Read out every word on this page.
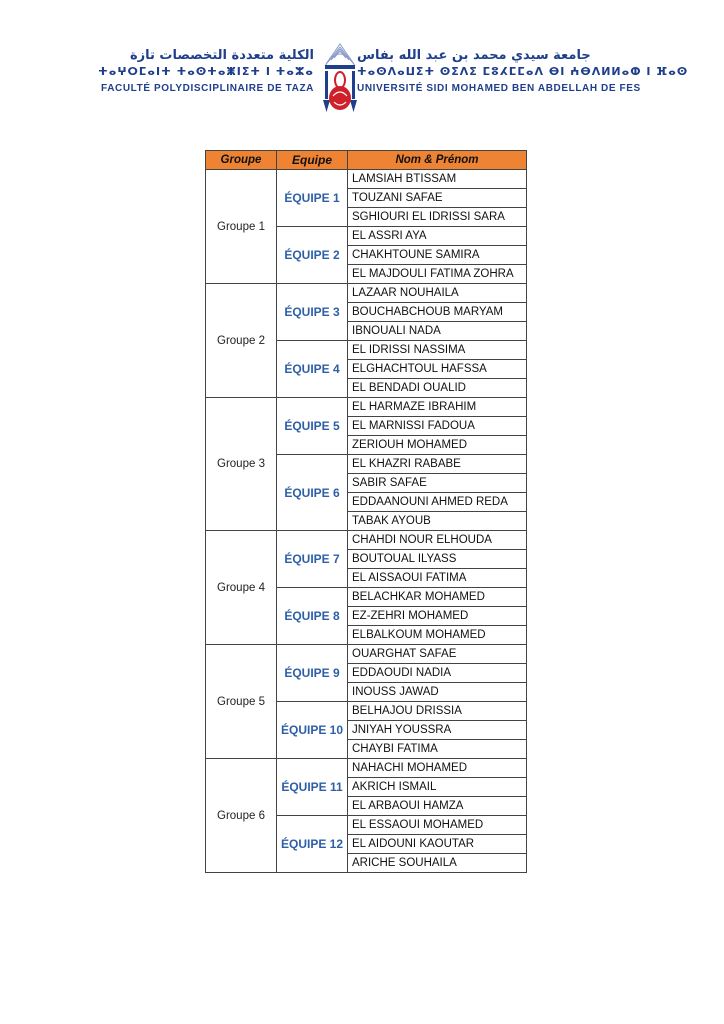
الكلية متعددة التخصصات تازة
ⵜⴰⵖⵔⵎⴰⵏⵜ ⵜⴰⵙⵜⴰⵥⵏⵉⵜ ⵏ ⵜⴰⵣⴰ
FACULTÉ POLYDISCIPLINAIRE DE TAZA
جامعة سيدي محمد بن عبد الله بفاس
ⵜⴰⵙⴷⴰⵡⵉⵜ ⵙⵉⴷⵉ ⵎⵓⵃⵎⵎⴰⴷ ⴱⵏ ⵄⴱⴷⵍⵍⴰⵀ ⵏ ⴼⴰⵙ
UNIVERSITÉ SIDI MOHAMED BEN ABDELLAH DE FES
Groupe	Equipe	Nom & Prénom
Groupe 1	ÉQUIPE 1	LAMSIAH BTISSAM
		TOUZANI SAFAE
		SGHIOURI EL IDRISSI SARA
	ÉQUIPE 2	EL ASSRI AYA
		CHAKHTOUNE SAMIRA
		EL MAJDOULI FATIMA ZOHRA
Groupe 2	ÉQUIPE 3	LAZAAR NOUHAILA
		BOUCHABCHOUB MARYAM
		IBNOUALI NADA
	ÉQUIPE 4	EL IDRISSI NASSIMA
		ELGHACHTOUL HAFSSA
		EL BENDADI OUALID
Groupe 3	ÉQUIPE 5	EL HARMAZE IBRAHIM
		EL MARNISSI FADOUA
		ZERIOUH MOHAMED
	ÉQUIPE 6	EL KHAZRI RABABE
		SABIR SAFAE
		EDDAANOUNI AHMED REDA
		TABAK AYOUB
Groupe 4	ÉQUIPE 7	CHAHDI NOUR ELHOUDA
		BOUTOUAL ILYASS
		EL AISSAOUI FATIMA
	ÉQUIPE 8	BELACHKAR MOHAMED
		EZ-ZEHRI MOHAMED
		ELBALKOUM MOHAMED
Groupe 5	ÉQUIPE 9	OUARGHAT SAFAE
		EDDAOUDI NADIA
		INOUSS JAWAD
	ÉQUIPE 10	BELHAJOU DRISSIA
		JNIYAH YOUSSRA
		CHAYBI FATIMA
Groupe 6	ÉQUIPE 11	NAHACHI MOHAMED
		AKRICH ISMAIL
		EL ARBAOUI HAMZA
	ÉQUIPE 12	EL ESSAOUI MOHAMED
		EL AIDOUNI KAOUTAR
		ARICHE SOUHAILA
